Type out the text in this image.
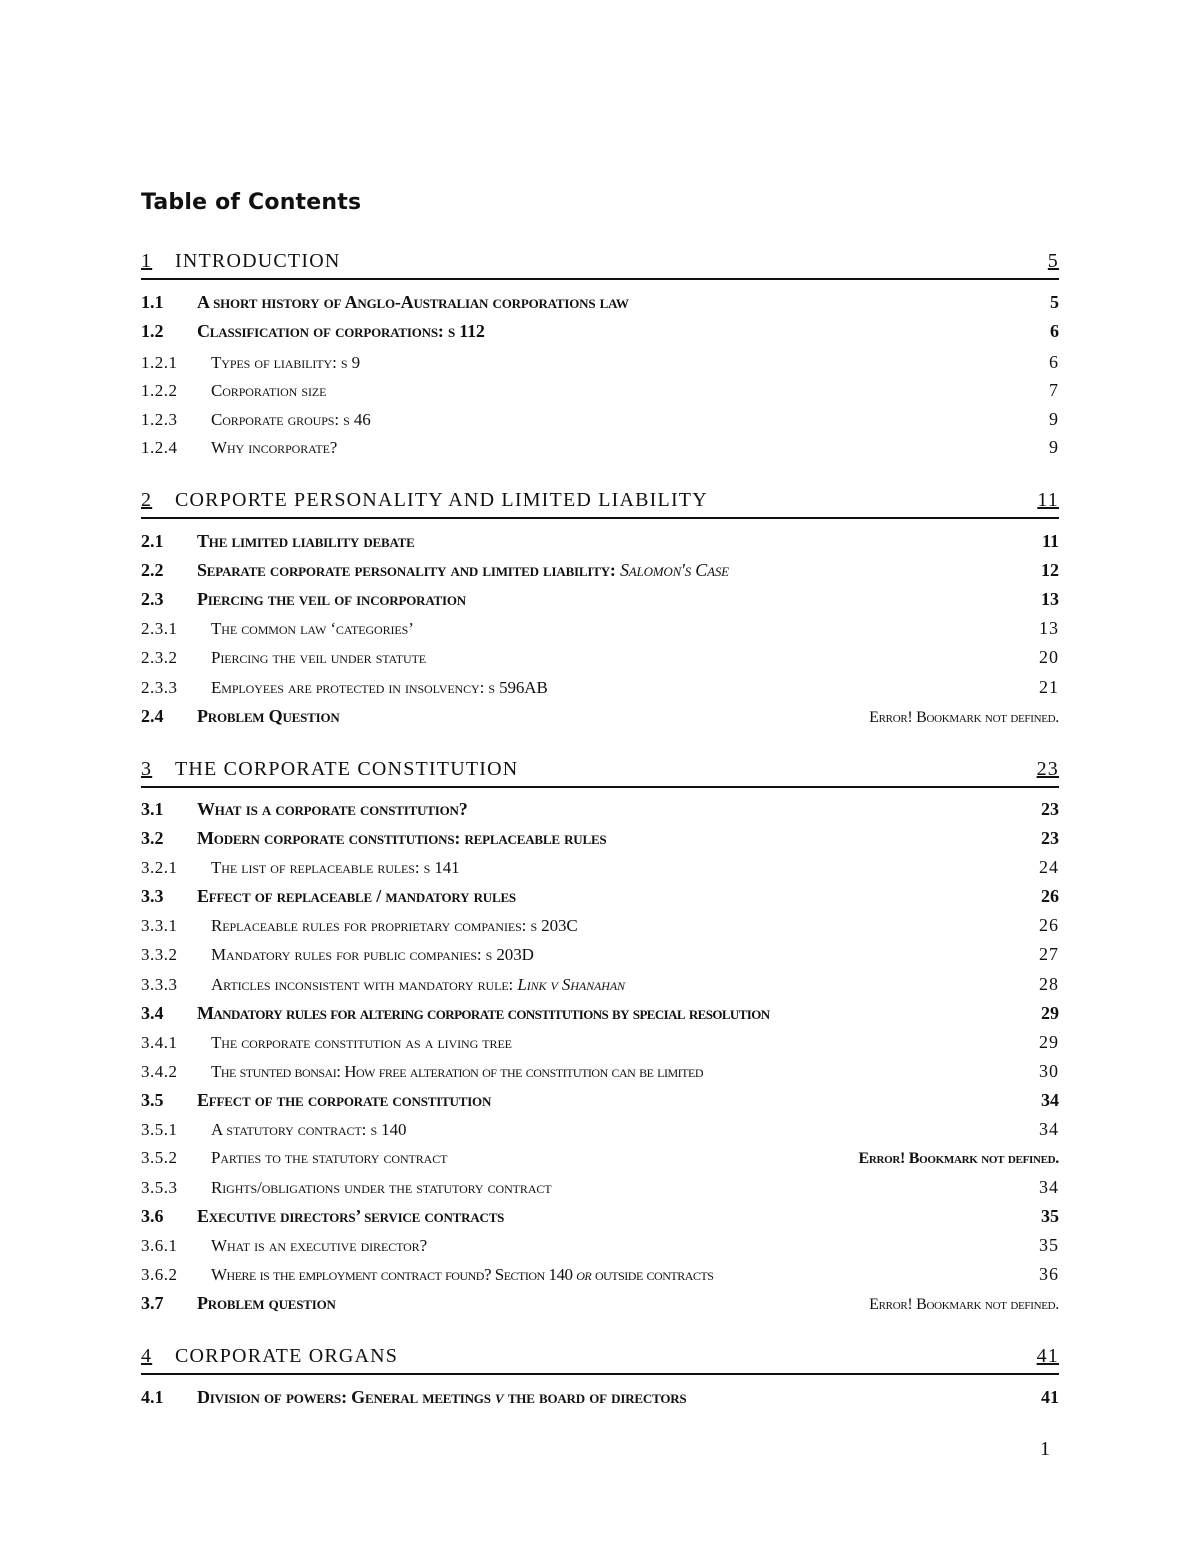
Table of Contents
1	INTRODUCTION	5
1.1	A short history of Anglo-Australian corporations law	5
1.2	Classification of corporations: s 112	6
1.2.1	Types of liability: s 9	6
1.2.2	Corporation size	7
1.2.3	Corporate groups: s 46	9
1.2.4	Why incorporate?	9
2	CORPORTE PERSONALITY AND LIMITED LIABILITY	11
2.1	The limited liability debate	11
2.2	Separate corporate personality and limited liability: Salomon's Case	12
2.3	Piercing the veil of incorporation	13
2.3.1	The common law ‘categories’	13
2.3.2	Piercing the veil under statute	20
2.3.3	Employees are protected in insolvency: s 596AB	21
2.4	Problem Question	Error! Bookmark not defined.
3	THE CORPORATE CONSTITUTION	23
3.1	What is a corporate constitution?	23
3.2	Modern corporate constitutions: replaceable rules	23
3.2.1	The list of replaceable rules: s 141	24
3.3	Effect of replaceable / mandatory rules	26
3.3.1	Replaceable rules for proprietary companies: s 203C	26
3.3.2	Mandatory rules for public companies: s 203D	27
3.3.3	Articles inconsistent with mandatory rule: Link v Shanahan	28
3.4	Mandatory rules for altering corporate constitutions by special resolution	29
3.4.1	The corporate constitution as a living tree	29
3.4.2	The stunted bonsai: How free alteration of the constitution can be limited	30
3.5	Effect of the corporate constitution	34
3.5.1	A statutory contract: s 140	34
3.5.2	Parties to the statutory contract	Error! Bookmark not defined.
3.5.3	Rights/obligations under the statutory contract	34
3.6	Executive directors’ service contracts	35
3.6.1	What is an executive director?	35
3.6.2	Where is the employment contract found? Section 140 or outside contracts	36
3.7	Problem question	Error! Bookmark not defined.
4	CORPORATE ORGANS	41
4.1	Division of powers: General meetings v the board of directors	41
1
